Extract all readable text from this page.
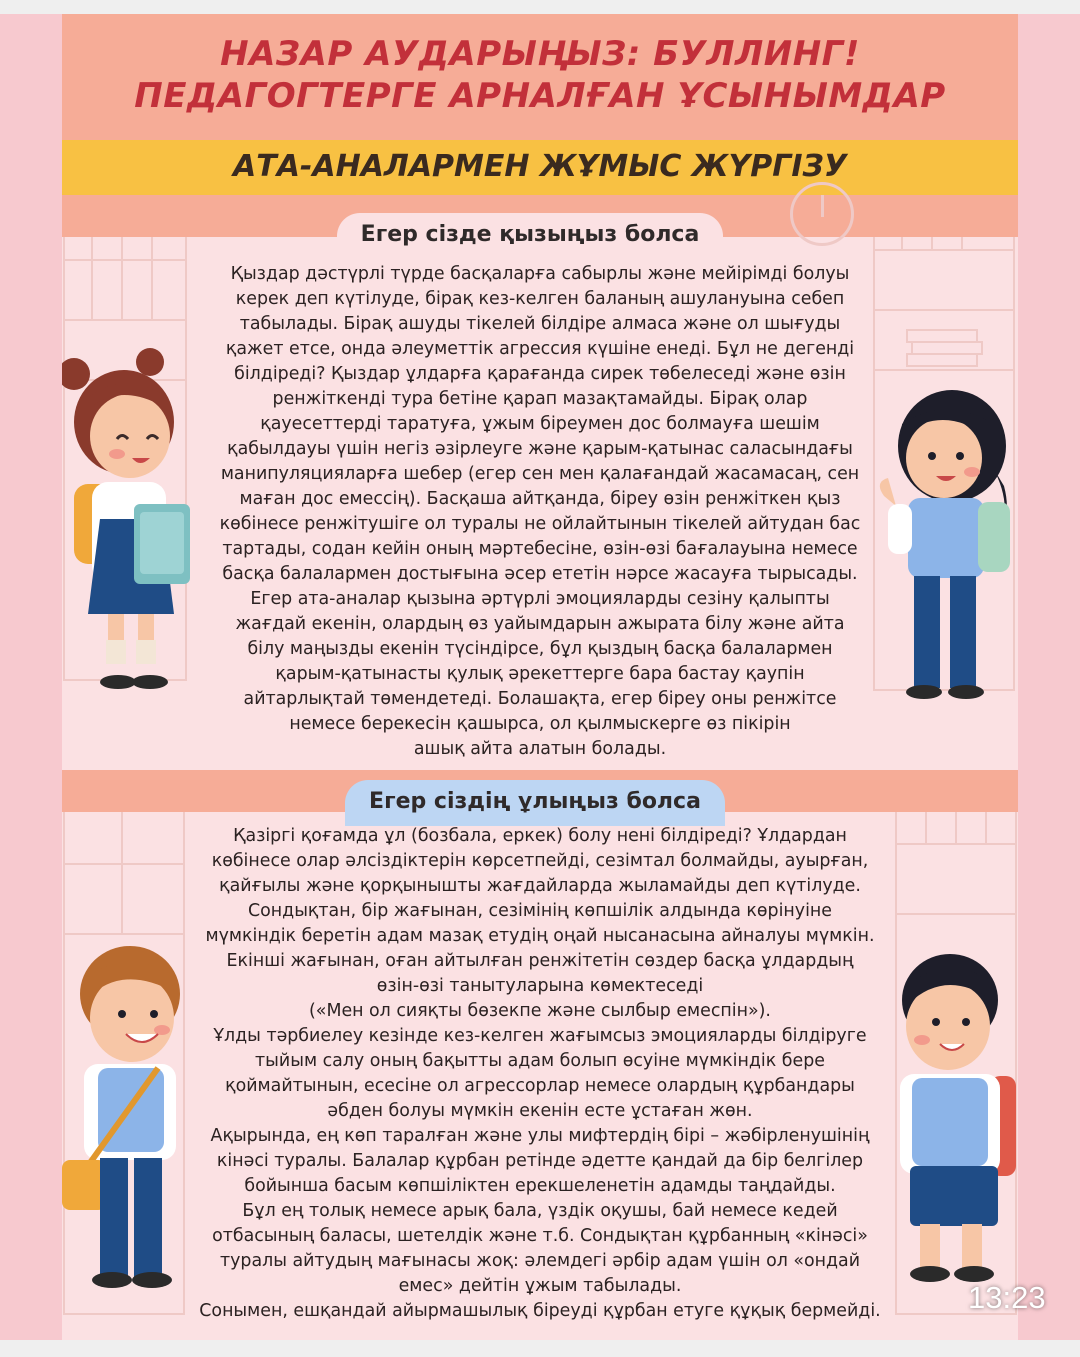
НАЗАР АУДАРЫҢЫЗ: БУЛЛИНГ!
ПЕДАГОГТЕРГЕ АРНАЛҒАН ҰСЫНЫМДАР
АТА-АНАЛАРМЕН ЖҰМЫС ЖҮРГІЗУ
Егер сізде қызыңыз болса
Қыздар дәстүрлі түрде басқаларға сабырлы және мейірімді болуы
керек деп күтілуде, бірақ кез-келген баланың ашулануына себеп
табылады. Бірақ ашуды тікелей білдіре алмаса және ол шығуды
қажет етсе, онда әлеуметтік агрессия күшіне енеді. Бұл не дегенді
білдіреді? Қыздар ұлдарға қарағанда сирек төбелеседі және өзін
ренжіткенді тура бетіне қарап мазақтамайды. Бірақ олар
қауесеттерді таратуға, ұжым біреумен дос болмауға шешім
қабылдауы үшін негіз әзірлеуге және қарым-қатынас саласындағы
манипуляцияларға шебер (егер сен мен қалағандай жасамасаң, сен
маған дос емессің). Басқаша айтқанда, біреу өзін ренжіткен қыз
көбінесе ренжітушіге ол туралы не ойлайтынын тікелей айтудан бас
тартады, содан кейін оның мәртебесіне, өзін-өзі бағалауына немесе
басқа балалармен достығына әсер ететін нәрсе жасауға тырысады.
Егер ата-аналар қызына әртүрлі эмоцияларды сезіну қалыпты
жағдай екенін, олардың өз уайымдарын ажырата білу және айта
білу маңызды екенін түсіндірсе, бұл қыздың басқа балалармен
қарым-қатынасты қулық әрекеттерге бара бастау қаупін
айтарлықтай төмендетеді. Болашақта, егер біреу оны ренжітсе
немесе берекесін қашырса, ол қылмыскерге өз пікірін
ашық айта алатын болады.
Егер сіздің ұлыңыз болса
Қазіргі қоғамда ұл (бозбала, еркек) болу нені білдіреді? Ұлдардан
көбінесе олар әлсіздіктерін көрсетпейді, сезімтал болмайды, ауырған,
қайғылы және қорқынышты жағдайларда жыламайды деп күтілуде.
Сондықтан, бір жағынан, сезімінің көпшілік алдында көрінуіне
мүмкіндік беретін адам мазақ етудің оңай нысанасына айналуы мүмкін.
Екінші жағынан, оған айтылған ренжітетін сөздер басқа ұлдардың
өзін-өзі танытуларына көмектеседі
(«Мен ол сияқты бөзекпе және сылбыр емеспін»).
Ұлды тәрбиелеу кезінде кез-келген жағымсыз эмоцияларды білдіруге
тыйым салу оның бақытты адам болып өсуіне мүмкіндік бере
қоймайтынын, есесіне ол агрессорлар немесе олардың құрбандары
әбден болуы мүмкін екенін есте ұстаған жөн.
Ақырында, ең көп таралған және улы мифтердің бірі – жәбірленушінің
кінәсі туралы. Балалар құрбан ретінде әдетте қандай да бір белгілер
бойынша басым көпшіліктен ерекшеленетін адамды таңдайды.
Бұл ең толық немесе арық бала, үздік оқушы, бай немесе кедей
отбасының баласы, шетелдік және т.б. Сондықтан құрбанның «кінәсі»
туралы айтудың мағынасы жоқ: әлемдегі әрбір адам үшін ол «ондай
емес» дейтін ұжым табылады.
Сонымен, ешқандай айырмашылық біреуді құрбан етуге құқық бермейді.	13:23
